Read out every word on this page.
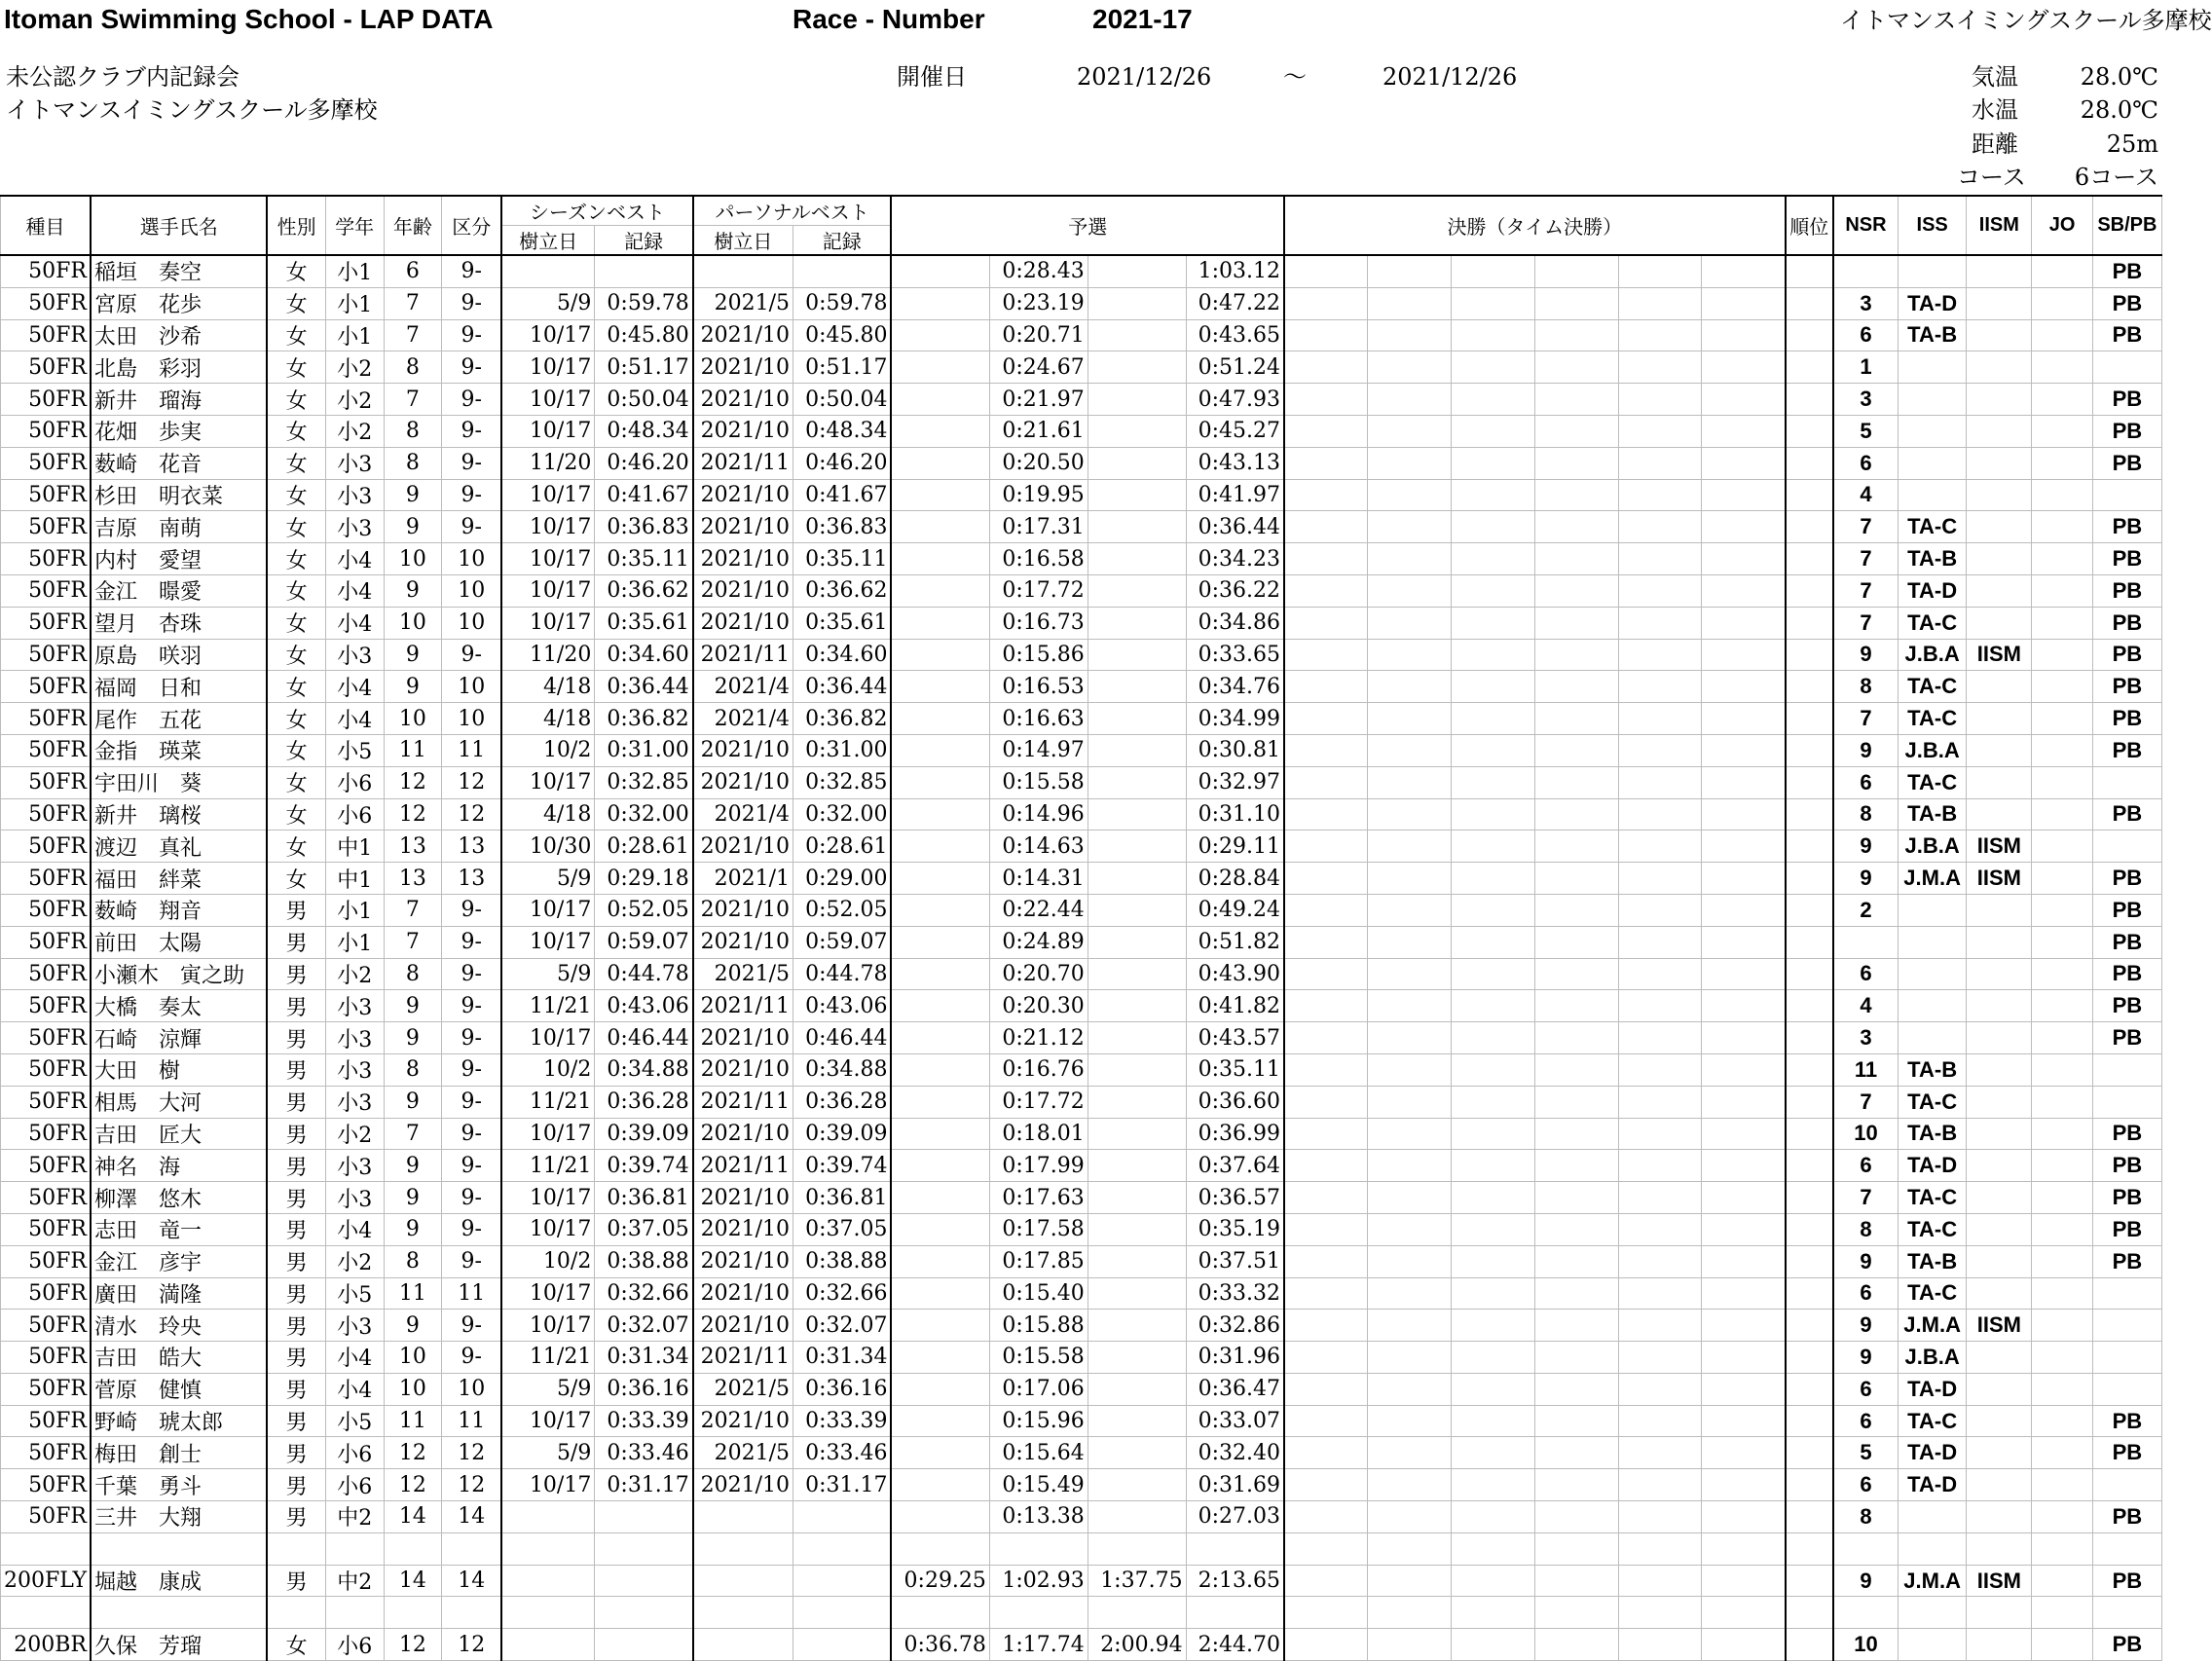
Itoman Swimming School - LAP DATA	Race - Number	2021-17	イトマンスイミングスクール多摩校
未公認クラブ内記録会
イトマンスイミングスクール多摩校
開催日	2021/12/26	～	2021/12/26	気温	28.0℃
水温	28.0℃
距離	25m
コース 6コース
種目	選手氏名	性別	学年	年齢	区分	シーズンベスト		パーソナルベスト		予選				決勝（タイム決勝）						順位	NSR	ISS	IISM	JO	SB/PB
						樹立日	記録	樹立日	記録																
50FR	稲垣　奏空	女	小1	6	9-						0:28.43		1:03.12												PB
50FR	宮原　花歩	女	小1	7	9-	5/9	0:59.78	2021/5	0:59.78		0:23.19		0:47.22								3	TA-D			PB
50FR	太田　沙希	女	小1	7	9-	10/17	0:45.80	2021/10	0:45.80		0:20.71		0:43.65								6	TA-B			PB
50FR	北島　彩羽	女	小2	8	9-	10/17	0:51.17	2021/10	0:51.17		0:24.67		0:51.24								1				
50FR	新井　瑠海	女	小2	7	9-	10/17	0:50.04	2021/10	0:50.04		0:21.97		0:47.93								3				PB
50FR	花畑　歩実	女	小2	8	9-	10/17	0:48.34	2021/10	0:48.34		0:21.61		0:45.27								5				PB
50FR	薮崎　花音	女	小3	8	9-	11/20	0:46.20	2021/11	0:46.20		0:20.50		0:43.13								6				PB
50FR	杉田　明衣菜	女	小3	9	9-	10/17	0:41.67	2021/10	0:41.67		0:19.95		0:41.97								4				
50FR	吉原　南萌	女	小3	9	9-	10/17	0:36.83	2021/10	0:36.83		0:17.31		0:36.44								7	TA-C			PB
50FR	内村　愛望	女	小4	10	10	10/17	0:35.11	2021/10	0:35.11		0:16.58		0:34.23								7	TA-B			PB
50FR	金江　暻愛	女	小4	9	10	10/17	0:36.62	2021/10	0:36.62		0:17.72		0:36.22								7	TA-D			PB
50FR	望月　杏珠	女	小4	10	10	10/17	0:35.61	2021/10	0:35.61		0:16.73		0:34.86								7	TA-C			PB
50FR	原島　咲羽	女	小3	9	9-	11/20	0:34.60	2021/11	0:34.60		0:15.86		0:33.65								9	J.B.A	IISM		PB
50FR	福岡　日和	女	小4	9	10	4/18	0:36.44	2021/4	0:36.44		0:16.53		0:34.76								8	TA-C			PB
50FR	尾作　五花	女	小4	10	10	4/18	0:36.82	2021/4	0:36.82		0:16.63		0:34.99								7	TA-C			PB
50FR	金指　瑛菜	女	小5	11	11	10/2	0:31.00	2021/10	0:31.00		0:14.97		0:30.81								9	J.B.A			PB
50FR	宇田川　葵	女	小6	12	12	10/17	0:32.85	2021/10	0:32.85		0:15.58		0:32.97								6	TA-C			
50FR	新井　璃桜	女	小6	12	12	4/18	0:32.00	2021/4	0:32.00		0:14.96		0:31.10								8	TA-B			PB
50FR	渡辺　真礼	女	中1	13	13	10/30	0:28.61	2021/10	0:28.61		0:14.63		0:29.11								9	J.B.A	IISM		
50FR	福田　絆菜	女	中1	13	13	5/9	0:29.18	2021/1	0:29.00		0:14.31		0:28.84								9	J.M.A	IISM		PB
50FR	薮崎　翔音	男	小1	7	9-	10/17	0:52.05	2021/10	0:52.05		0:22.44		0:49.24								2				PB
50FR	前田　太陽	男	小1	7	9-	10/17	0:59.07	2021/10	0:59.07		0:24.89		0:51.82												PB
50FR	小瀬木　寅之助	男	小2	8	9-	5/9	0:44.78	2021/5	0:44.78		0:20.70		0:43.90								6				PB
50FR	大橋　奏太	男	小3	9	9-	11/21	0:43.06	2021/11	0:43.06		0:20.30		0:41.82								4				PB
50FR	石崎　涼輝	男	小3	9	9-	10/17	0:46.44	2021/10	0:46.44		0:21.12		0:43.57								3				PB
50FR	大田　樹	男	小3	8	9-	10/2	0:34.88	2021/10	0:34.88		0:16.76		0:35.11								11	TA-B			
50FR	相馬　大河	男	小3	9	9-	11/21	0:36.28	2021/11	0:36.28		0:17.72		0:36.60								7	TA-C			
50FR	吉田　匠大	男	小2	7	9-	10/17	0:39.09	2021/10	0:39.09		0:18.01		0:36.99								10	TA-B			PB
50FR	神名　海	男	小3	9	9-	11/21	0:39.74	2021/11	0:39.74		0:17.99		0:37.64								6	TA-D			PB
50FR	柳澤　悠木	男	小3	9	9-	10/17	0:36.81	2021/10	0:36.81		0:17.63		0:36.57								7	TA-C			PB
50FR	志田　竜一	男	小4	9	9-	10/17	0:37.05	2021/10	0:37.05		0:17.58		0:35.19								8	TA-C			PB
50FR	金江　彦宇	男	小2	8	9-	10/2	0:38.88	2021/10	0:38.88		0:17.85		0:37.51								9	TA-B			PB
50FR	廣田　満隆	男	小5	11	11	10/17	0:32.66	2021/10	0:32.66		0:15.40		0:33.32								6	TA-C			
50FR	清水　玲央	男	小3	9	9-	10/17	0:32.07	2021/10	0:32.07		0:15.88		0:32.86								9	J.M.A	IISM		
50FR	吉田　皓大	男	小4	10	9-	11/21	0:31.34	2021/11	0:31.34		0:15.58		0:31.96								9	J.B.A			
50FR	菅原　健慎	男	小4	10	10	5/9	0:36.16	2021/5	0:36.16		0:17.06		0:36.47								6	TA-D			
50FR	野崎　琥太郎	男	小5	11	11	10/17	0:33.39	2021/10	0:33.39		0:15.96		0:33.07								6	TA-C			PB
50FR	梅田　創士	男	小6	12	12	5/9	0:33.46	2021/5	0:33.46		0:15.64		0:32.40								5	TA-D			PB
50FR	千葉　勇斗	男	小6	12	12	10/17	0:31.17	2021/10	0:31.17		0:15.49		0:31.69								6	TA-D			
50FR	三井　大翔	男	中2	14	14						0:13.38		0:27.03								8				PB

200FLY	堀越　康成	男	中2	14	14					0:29.25	1:02.93	1:37.75	2:13.65								9	J.M.A	IISM		PB

200BR	久保　芳瑠	女	小6	12	12					0:36.78	1:17.74	2:00.94	2:44.70								10				PB
